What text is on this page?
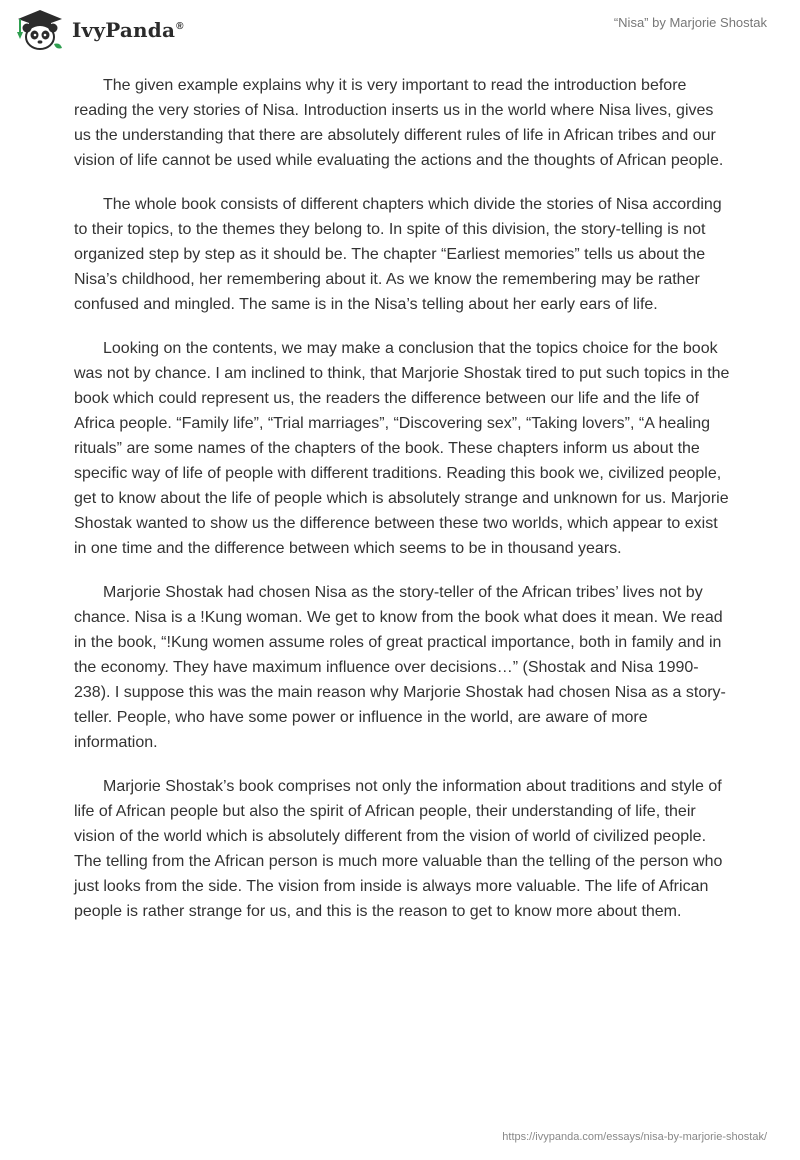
IvyPanda®	“Nisa” by Marjorie Shostak

The given example explains why it is very important to read the introduction before reading the very stories of Nisa. Introduction inserts us in the world where Nisa lives, gives us the understanding that there are absolutely different rules of life in African tribes and our vision of life cannot be used while evaluating the actions and the thoughts of African people.

The whole book consists of different chapters which divide the stories of Nisa according to their topics, to the themes they belong to. In spite of this division, the story-telling is not organized step by step as it should be. The chapter “Earliest memories” tells us about the Nisa’s childhood, her remembering about it. As we know the remembering may be rather confused and mingled. The same is in the Nisa’s telling about her early ears of life.

Looking on the contents, we may make a conclusion that the topics choice for the book was not by chance. I am inclined to think, that Marjorie Shostak tired to put such topics in the book which could represent us, the readers the difference between our life and the life of Africa people. “Family life”, “Trial marriages”, “Discovering sex”, “Taking lovers”, “A healing rituals” are some names of the chapters of the book. These chapters inform us about the specific way of life of people with different traditions. Reading this book we, civilized people, get to know about the life of people which is absolutely strange and unknown for us. Marjorie Shostak wanted to show us the difference between these two worlds, which appear to exist in one time and the difference between which seems to be in thousand years.

Marjorie Shostak had chosen Nisa as the story-teller of the African tribes’ lives not by chance. Nisa is a !Kung woman. We get to know from the book what does it mean. We read in the book, “!Kung women assume roles of great practical importance, both in family and in the economy. They have maximum influence over decisions…” (Shostak and Nisa 1990-238). I suppose this was the main reason why Marjorie Shostak had chosen Nisa as a story-teller. People, who have some power or influence in the world, are aware of more information.

Marjorie Shostak’s book comprises not only the information about traditions and style of life of African people but also the spirit of African people, their understanding of life, their vision of the world which is absolutely different from the vision of world of civilized people. The telling from the African person is much more valuable than the telling of the person who just looks from the side. The vision from inside is always more valuable. The life of African people is rather strange for us, and this is the reason to get to know more about them.

https://ivypanda.com/essays/nisa-by-marjorie-shostak/
